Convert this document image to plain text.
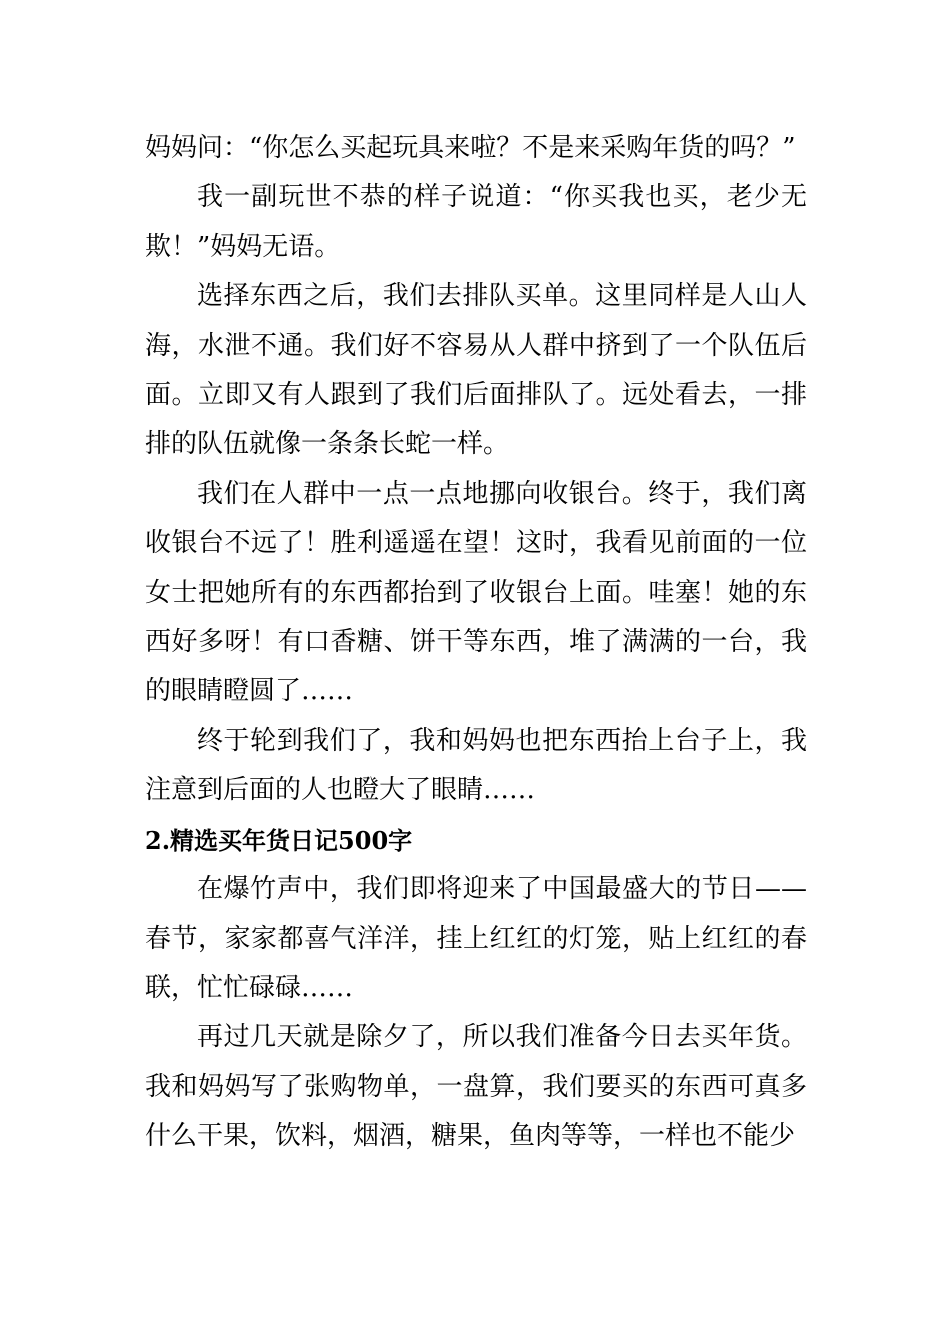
妈妈问：“你怎么买起玩具来啦？不是来采购年货的吗？”

我一副玩世不恭的样子说道：“你买我也买，老少无欺！”妈妈无语。

选择东西之后，我们去排队买单。这里同样是人山人海，水泄不通。我们好不容易从人群中挤到了一个队伍后面。立即又有人跟到了我们后面排队了。远处看去，一排排的队伍就像一条条长蛇一样。

我们在人群中一点一点地挪向收银台。终于，我们离收银台不远了！胜利遥遥在望！这时，我看见前面的一位女士把她所有的东西都抬到了收银台上面。哇塞！她的东西好多呀！有口香糖、饼干等东西，堆了满满的一台，我的眼睛瞪圆了……

终于轮到我们了，我和妈妈也把东西抬上台子上，我注意到后面的人也瞪大了眼睛……

2.精选买年货日记500字

在爆竹声中，我们即将迎来了中国最盛大的节日——春节，家家都喜气洋洋，挂上红红的灯笼，贴上红红的春联，忙忙碌碌……

再过几天就是除夕了，所以我们准备今日去买年货。我和妈妈写了张购物单，一盘算，我们要买的东西可真多什么干果，饮料，烟酒，糖果，鱼肉等等，一样也不能少
